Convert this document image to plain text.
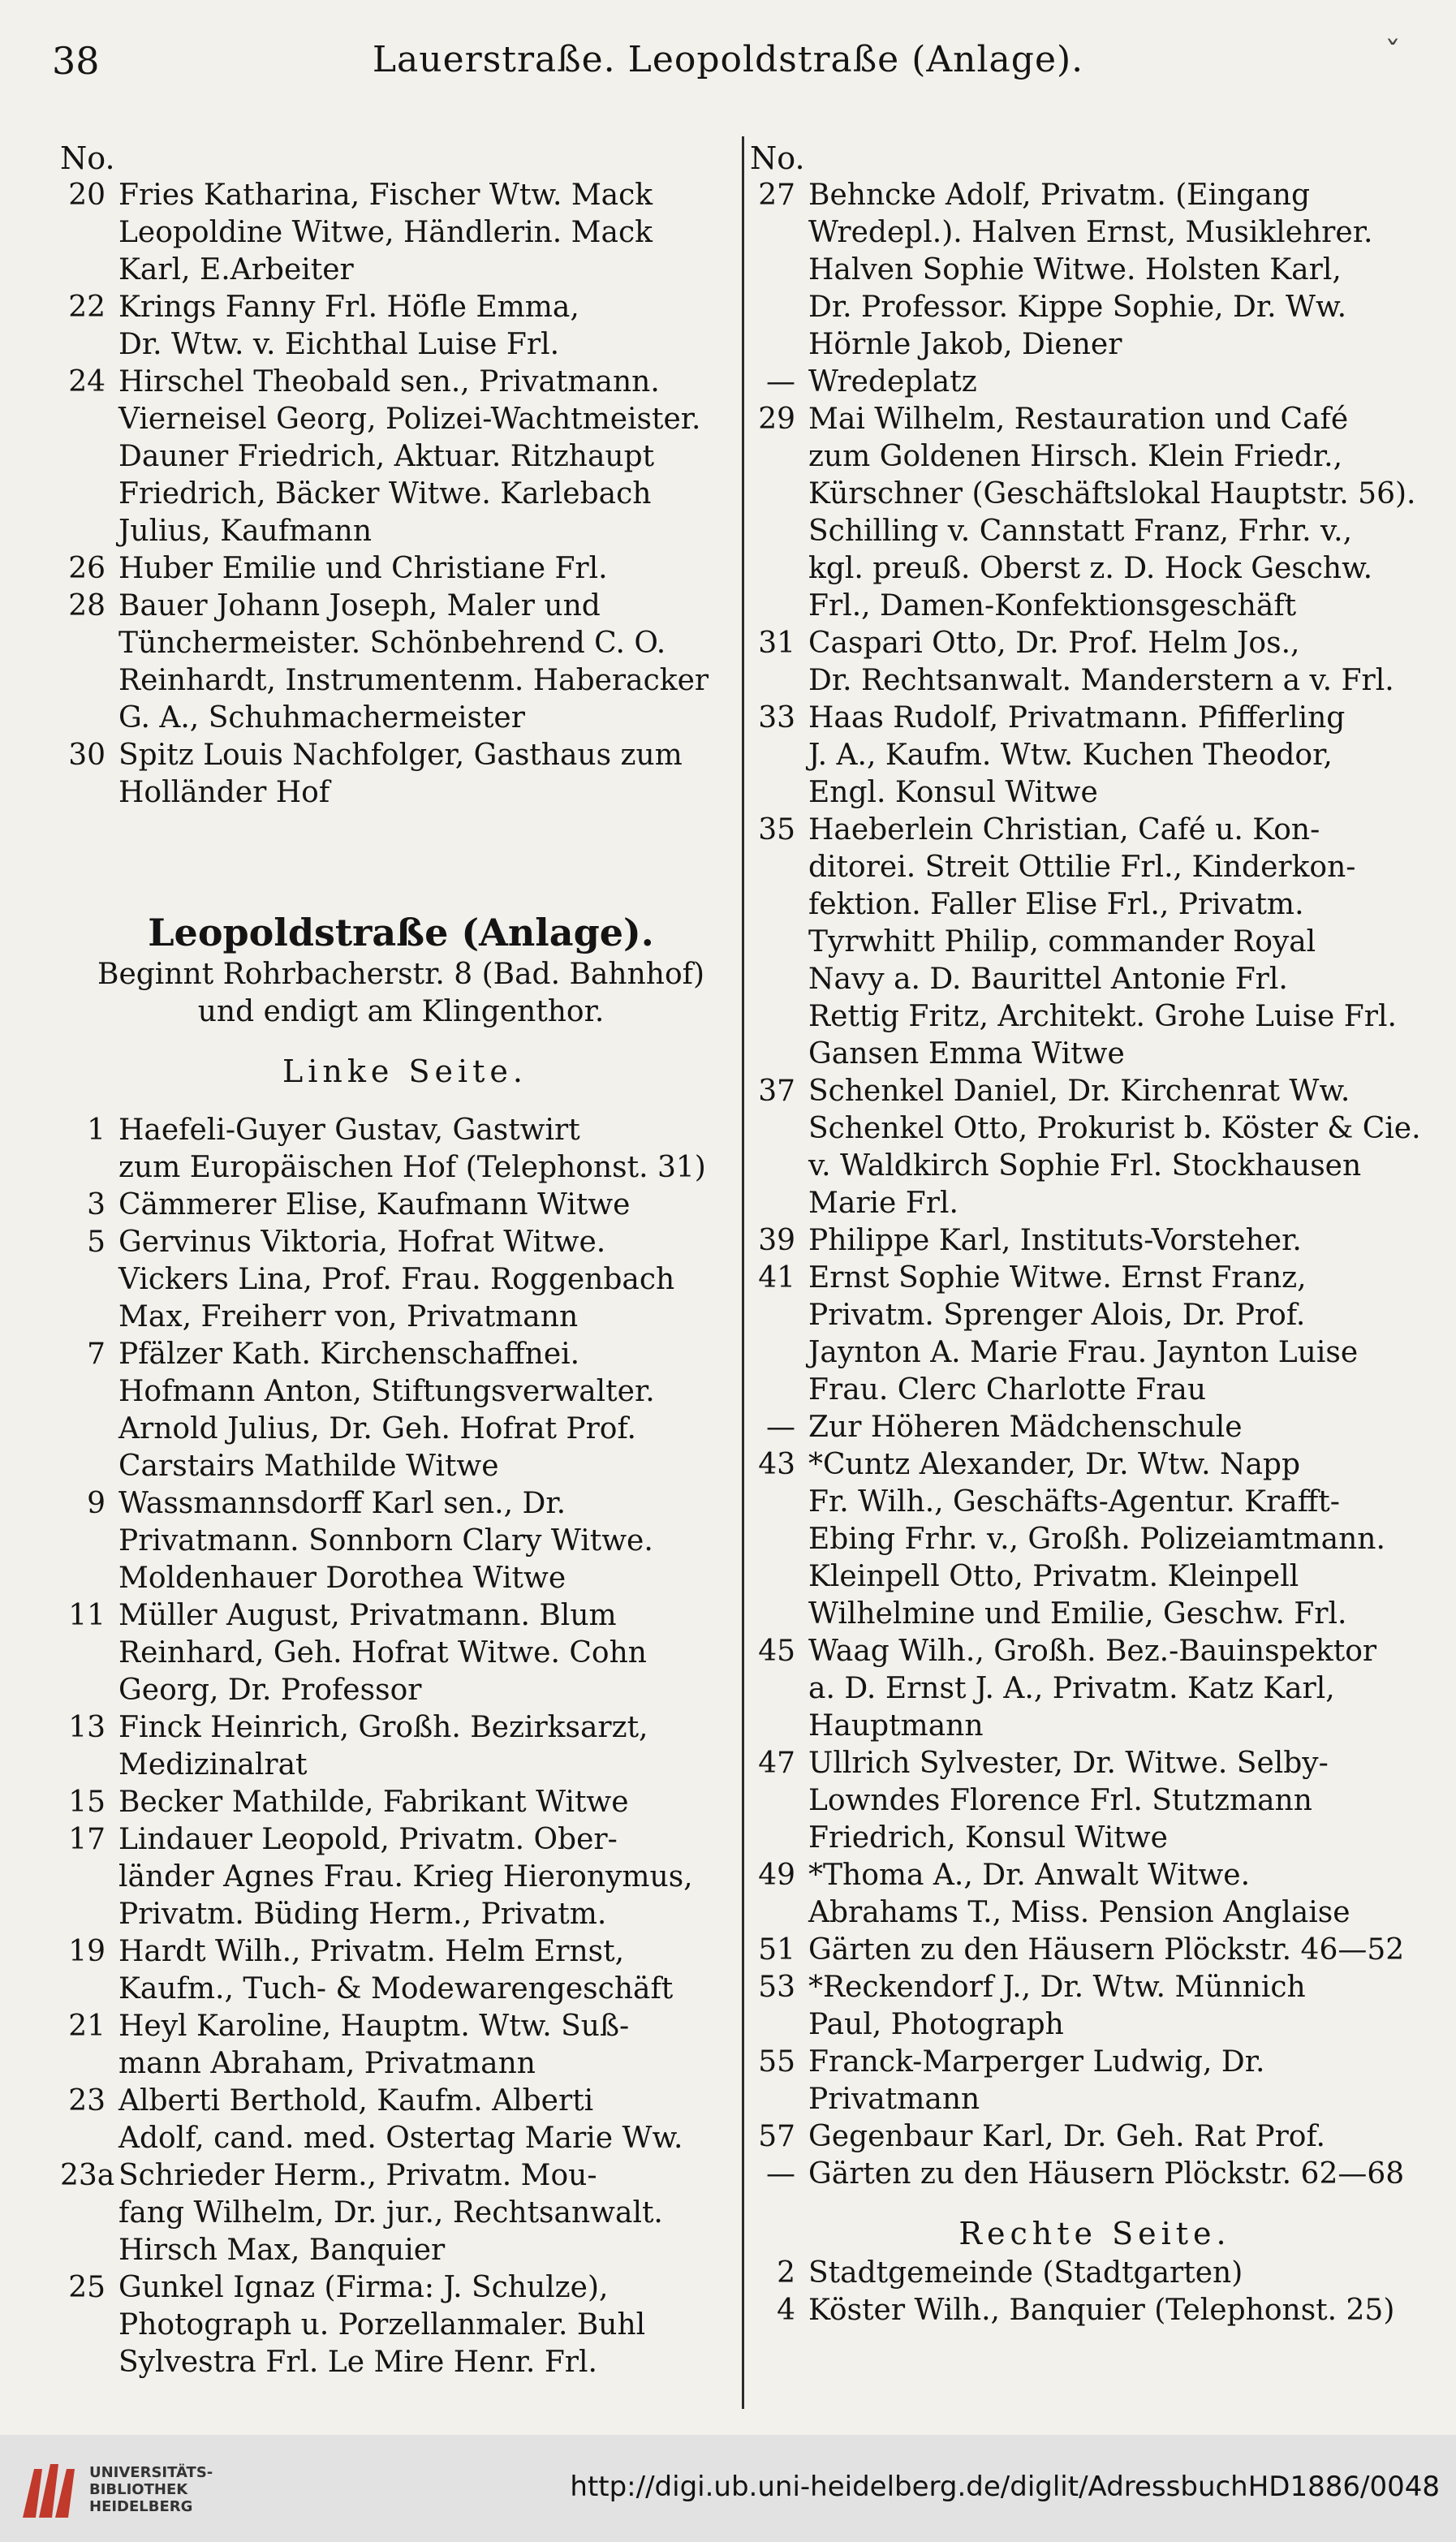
38	Lauerstraße. Leopoldstraße (Anlage).	ˇ
No.
20 Fries Katharina, Fischer Wtw. Mack
Leopoldine Witwe, Händlerin. Mack
Karl, E.Arbeiter
22 Krings Fanny Frl. Höfle Emma,
Dr. Wtw. v. Eichthal Luise Frl.
24 Hirschel Theobald sen., Privatmann.
Vierneisel Georg, Polizei-Wachtmeister.
Dauner Friedrich, Aktuar. Ritzhaupt
Friedrich, Bäcker Witwe. Karlebach
Julius, Kaufmann
26 Huber Emilie und Christiane Frl.
28 Bauer Johann Joseph, Maler und
Tünchermeister. Schönbehrend C. O.
Reinhardt, Instrumentenm. Haberacker
G. A., Schuhmachermeister
30 Spitz Louis Nachfolger, Gasthaus zum
Holländer Hof
Leopoldstraße (Anlage).
Beginnt Rohrbacherstr. 8 (Bad. Bahnhof)
und endigt am Klingenthor.
Linke Seite.
1 Haefeli-Guyer Gustav, Gastwirt
zum Europäischen Hof (Telephonst. 31)
3 Cämmerer Elise, Kaufmann Witwe
5 Gervinus Viktoria, Hofrat Witwe.
Vickers Lina, Prof. Frau. Roggenbach
Max, Freiherr von, Privatmann
7 Pfälzer Kath. Kirchenschaffnei.
Hofmann Anton, Stiftungsverwalter.
Arnold Julius, Dr. Geh. Hofrat Prof.
Carstairs Mathilde Witwe
9 Wassmannsdorff Karl sen., Dr.
Privatmann. Sonnborn Clary Witwe.
Moldenhauer Dorothea Witwe
11 Müller August, Privatmann. Blum
Reinhard, Geh. Hofrat Witwe. Cohn
Georg, Dr. Professor
13 Finck Heinrich, Großh. Bezirksarzt,
Medizinalrat
15 Becker Mathilde, Fabrikant Witwe
17 Lindauer Leopold, Privatm. Ober-
länder Agnes Frau. Krieg Hieronymus,
Privatm. Büding Herm., Privatm.
19 Hardt Wilh., Privatm. Helm Ernst,
Kaufm., Tuch- & Modewarengeschäft
21 Heyl Karoline, Hauptm. Wtw. Suß-
mann Abraham, Privatmann
23 Alberti Berthold, Kaufm. Alberti
Adolf, cand. med. Ostertag Marie Ww.
23a Schrieder Herm., Privatm. Mou-
fang Wilhelm, Dr. jur., Rechtsanwalt.
Hirsch Max, Banquier
25 Gunkel Ignaz (Firma: J. Schulze),
Photograph u. Porzellanmaler. Buhl
Sylvestra Frl. Le Mire Henr. Frl.
No.
27 Behncke Adolf, Privatm. (Eingang
Wredepl.). Halven Ernst, Musiklehrer.
Halven Sophie Witwe. Holsten Karl,
Dr. Professor. Kippe Sophie, Dr. Ww.
Hörnle Jakob, Diener
— Wredeplatz
29 Mai Wilhelm, Restauration und Café
zum Goldenen Hirsch. Klein Friedr.,
Kürschner (Geschäftslokal Hauptstr. 56).
Schilling v. Cannstatt Franz, Frhr. v.,
kgl. preuß. Oberst z. D. Hock Geschw.
Frl., Damen-Konfektionsgeschäft
31 Caspari Otto, Dr. Prof. Helm Jos.,
Dr. Rechtsanwalt. Manderstern a v. Frl.
33 Haas Rudolf, Privatmann. Pfifferling
J. A., Kaufm. Wtw. Kuchen Theodor,
Engl. Konsul Witwe
35 Haeberlein Christian, Café u. Kon-
ditorei. Streit Ottilie Frl., Kinderkon-
fektion. Faller Elise Frl., Privatm.
Tyrwhitt Philip, commander Royal
Navy a. D. Baurittel Antonie Frl.
Rettig Fritz, Architekt. Grohe Luise Frl.
Gansen Emma Witwe
37 Schenkel Daniel, Dr. Kirchenrat Ww.
Schenkel Otto, Prokurist b. Köster & Cie.
v. Waldkirch Sophie Frl. Stockhausen
Marie Frl.
39 Philippe Karl, Instituts-Vorsteher.
41 Ernst Sophie Witwe. Ernst Franz,
Privatm. Sprenger Alois, Dr. Prof.
Jaynton A. Marie Frau. Jaynton Luise
Frau. Clerc Charlotte Frau
— Zur Höheren Mädchenschule
43 *Cuntz Alexander, Dr. Wtw. Napp
Fr. Wilh., Geschäfts-Agentur. Krafft-
Ebing Frhr. v., Großh. Polizeiamtmann.
Kleinpell Otto, Privatm. Kleinpell
Wilhelmine und Emilie, Geschw. Frl.
45 Waag Wilh., Großh. Bez.-Bauinspektor
a. D. Ernst J. A., Privatm. Katz Karl,
Hauptmann
47 Ullrich Sylvester, Dr. Witwe. Selby-
Lowndes Florence Frl. Stutzmann
Friedrich, Konsul Witwe
49 *Thoma A., Dr. Anwalt Witwe.
Abrahams T., Miss. Pension Anglaise
51 Gärten zu den Häusern Plöckstr. 46—52
53 *Reckendorf J., Dr. Wtw. Münnich
Paul, Photograph
55 Franck-Marperger Ludwig, Dr.
Privatmann
57 Gegenbaur Karl, Dr. Geh. Rat Prof.
— Gärten zu den Häusern Plöckstr. 62—68
Rechte Seite.
2 Stadtgemeinde (Stadtgarten)
4 Köster Wilh., Banquier (Telephonst. 25)
UNIVERSITÄTS-
BIBLIOTHEK
HEIDELBERG
http://digi.ub.uni-heidelberg.de/diglit/AdressbuchHD1886/0048
